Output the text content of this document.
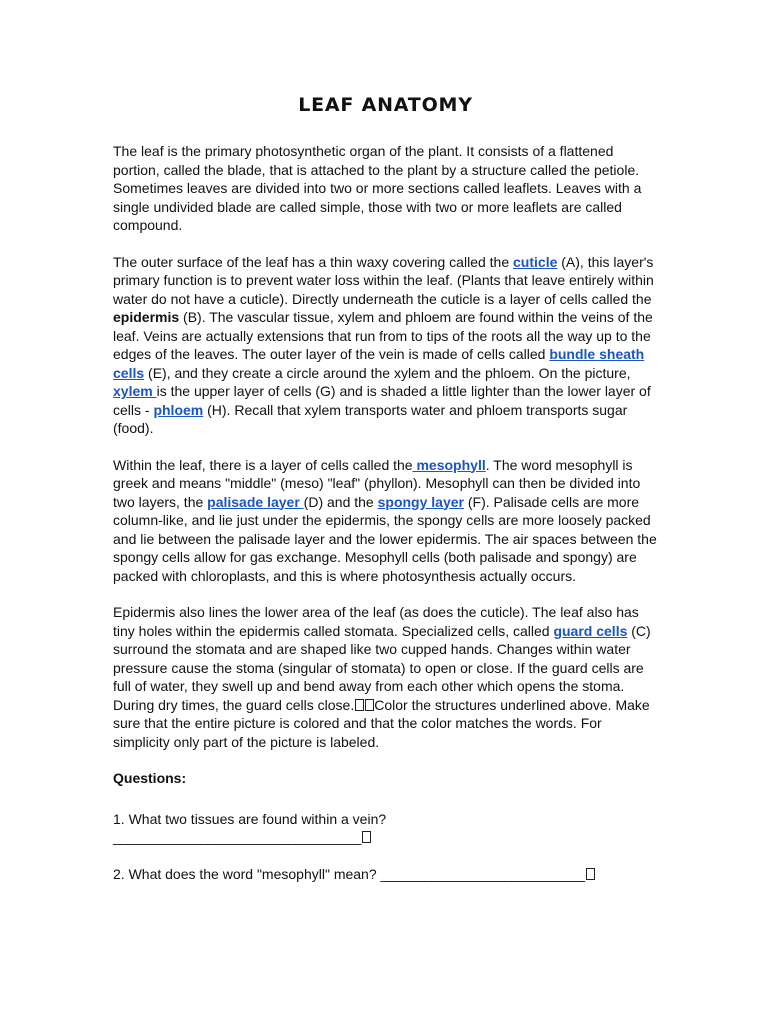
LEAF ANATOMY

The leaf is the primary photosynthetic organ of the plant. It consists of a flattened portion, called the blade, that is attached to the plant by a structure called the petiole. Sometimes leaves are divided into two or more sections called leaflets. Leaves with a single undivided blade are called simple, those with two or more leaflets are called compound.

The outer surface of the leaf has a thin waxy covering called the cuticle (A), this layer's primary function is to prevent water loss within the leaf. (Plants that leave entirely within water do not have a cuticle). Directly underneath the cuticle is a layer of cells called the epidermis (B). The vascular tissue, xylem and phloem are found within the veins of the leaf. Veins are actually extensions that run from to tips of the roots all the way up to the edges of the leaves. The outer layer of the vein is made of cells called bundle sheath cells (E), and they create a circle around the xylem and the phloem. On the picture, xylem is the upper layer of cells (G) and is shaded a little lighter than the lower layer of cells - phloem (H). Recall that xylem transports water and phloem transports sugar (food).

Within the leaf, there is a layer of cells called the mesophyll. The word mesophyll is greek and means "middle" (meso) "leaf" (phyllon). Mesophyll can then be divided into two layers, the palisade layer (D) and the spongy layer (F). Palisade cells are more column-like, and lie just under the epidermis, the spongy cells are more loosely packed and lie between the palisade layer and the lower epidermis. The air spaces between the spongy cells allow for gas exchange. Mesophyll cells (both palisade and spongy) are packed with chloroplasts, and this is where photosynthesis actually occurs.

Epidermis also lines the lower area of the leaf (as does the cuticle). The leaf also has tiny holes within the epidermis called stomata. Specialized cells, called guard cells (C) surround the stomata and are shaped like two cupped hands. Changes within water pressure cause the stoma (singular of stomata) to open or close. If the guard cells are full of water, they swell up and bend away from each other which opens the stoma. During dry times, the guard cells close. Color the structures underlined above. Make sure that the entire picture is colored and that the color matches the words. For simplicity only part of the picture is labeled.

Questions:

1. What two tissues are found within a vein?
__________________________________

2. What does the word "mesophyll" mean? ____________________________
